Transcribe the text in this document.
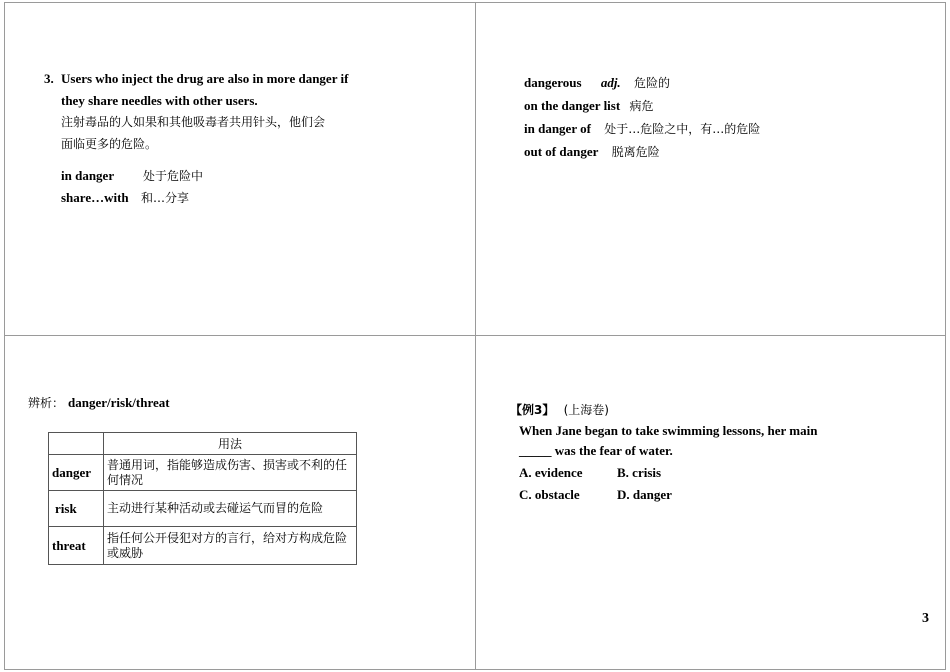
3. Users who inject the drug are also in more danger if
they share needles with other users.
注射毒品的人如果和其他吸毒者共用针头，他们会
面临更多的危险。
in danger 处于危险中
share…with 和…分享
dangerous adj. 危险的
on the danger list 病危
in danger of 处于…危险之中，有…的危险
out of danger 脱离危险
辨析： danger/risk/threat
	用法
danger	普通用词，指能够造成伤害、损害或不利的任何情况
risk	主动进行某种活动或去碰运气而冒的危险
threat	指任何公开侵犯对方的言行，给对方构成危险或威胁
【例3】 (上海卷)
When Jane began to take swimming lessons, her main
_____ was the fear of water.
A. evidence	B. crisis
C. obstacle	D. danger
3
